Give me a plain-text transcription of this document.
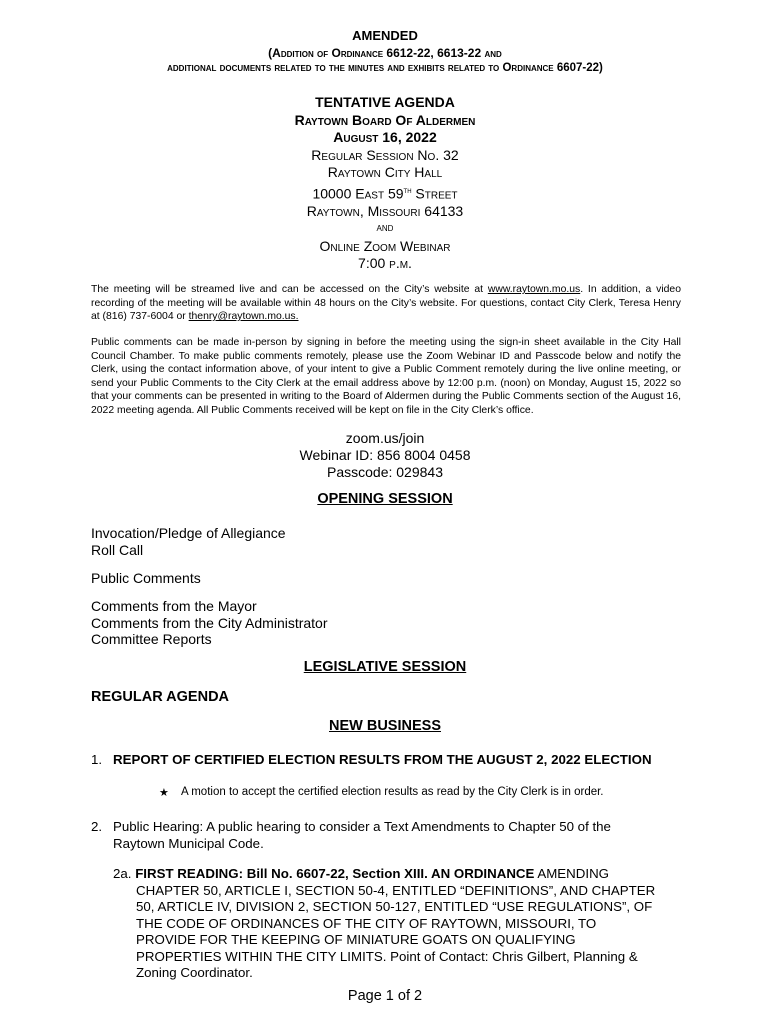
AMENDED
(Addition of Ordinance 6612-22, 6613-22 and
additional documents related to the minutes and exhibits related to Ordinance 6607-22)
TENTATIVE AGENDA
Raytown Board Of Aldermen
August 16, 2022
Regular Session No. 32
Raytown City Hall
10000 East 59th Street
Raytown, Missouri 64133
and
Online Zoom Webinar
7:00 p.m.
The meeting will be streamed live and can be accessed on the City’s website at www.raytown.mo.us. In addition, a video recording of the meeting will be available within 48 hours on the City’s website. For questions, contact City Clerk, Teresa Henry at (816) 737-6004 or thenry@raytown.mo.us.
Public comments can be made in-person by signing in before the meeting using the sign-in sheet available in the City Hall Council Chamber. To make public comments remotely, please use the Zoom Webinar ID and Passcode below and notify the Clerk, using the contact information above, of your intent to give a Public Comment remotely during the live online meeting, or send your Public Comments to the City Clerk at the email address above by 12:00 p.m. (noon) on Monday, August 15, 2022 so that your comments can be presented in writing to the Board of Aldermen during the Public Comments section of the August 16, 2022 meeting agenda. All Public Comments received will be kept on file in the City Clerk’s office.
zoom.us/join
Webinar ID: 856 8004 0458
Passcode: 029843
OPENING SESSION
Invocation/Pledge of Allegiance
Roll Call
Public Comments
Comments from the Mayor
Comments from the City Administrator
Committee Reports
LEGISLATIVE SESSION
REGULAR AGENDA
NEW BUSINESS
1. REPORT OF CERTIFIED ELECTION RESULTS FROM THE AUGUST 2, 2022 ELECTION
★ A motion to accept the certified election results as read by the City Clerk is in order.
2. Public Hearing: A public hearing to consider a Text Amendments to Chapter 50 of the
Raytown Municipal Code.
2a. FIRST READING: Bill No. 6607-22, Section XIII. AN ORDINANCE AMENDING
CHAPTER 50, ARTICLE I, SECTION 50-4, ENTITLED “DEFINITIONS”, AND CHAPTER
50, ARTICLE IV, DIVISION 2, SECTION 50-127, ENTITLED “USE REGULATIONS”, OF
THE CODE OF ORDINANCES OF THE CITY OF RAYTOWN, MISSOURI, TO
PROVIDE FOR THE KEEPING OF MINIATURE GOATS ON QUALIFYING
PROPERTIES WITHIN THE CITY LIMITS. Point of Contact: Chris Gilbert, Planning &
Zoning Coordinator.
Page 1 of 2
